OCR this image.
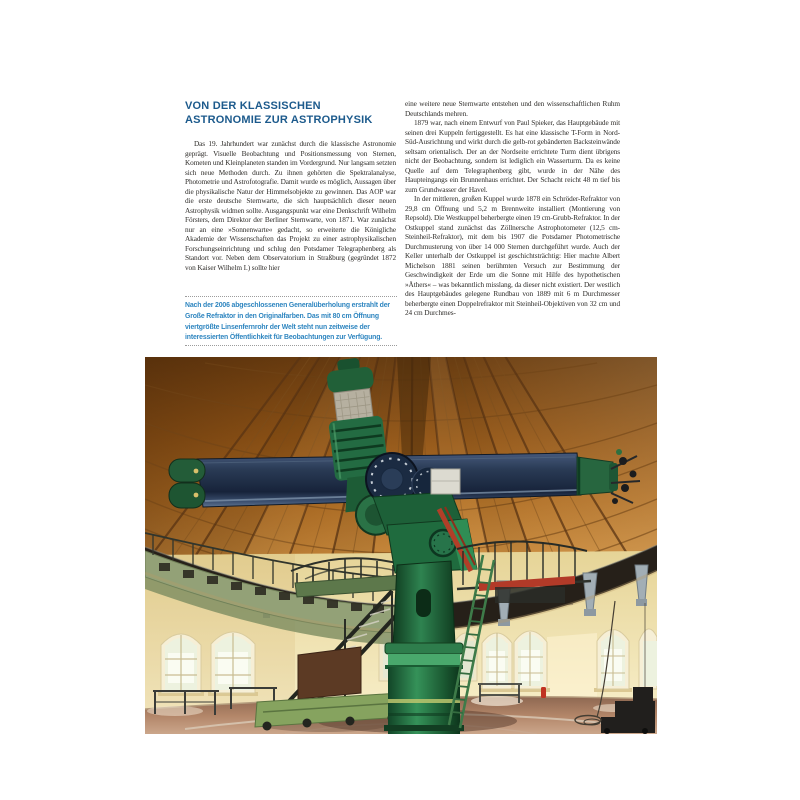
VON DER KLASSISCHEN
ASTRONOMIE ZUR ASTROPHYSIK

Das 19. Jahrhundert war zunächst durch die klassische Astronomie geprägt. Visuelle Beobachtung und Positionsmessung von Sternen, Kometen und Kleinplaneten standen im Vordergrund. Nur langsam setzten sich neue Methoden durch. Zu ihnen gehörten die Spektralanalyse, Photometrie und Astrofotografie. Damit wurde es möglich, Aussagen über die physikalische Natur der Himmelsobjekte zu gewinnen. Das AOP war die erste deutsche Sternwarte, die sich hauptsächlich dieser neuen Astrophysik widmen sollte. Ausgangspunkt war eine Denkschrift Wilhelm Försters, dem Direktor der Berliner Sternwarte, von 1871. War zunächst nur an eine »Sonnenwarte« gedacht, so erweiterte die Königliche Akademie der Wissenschaften das Projekt zu einer astrophysikalischen Forschungseinrichtung und schlug den Potsdamer Telegraphenberg als Standort vor. Neben dem Observatorium in Straßburg (gegründet 1872 von Kaiser Wilhelm I.) sollte hier

eine weitere neue Sternwarte entstehen und den wissenschaftlichen Ruhm Deutschlands mehren.

1879 war, nach einem Entwurf von Paul Spieker, das Hauptgebäude mit seinen drei Kuppeln fertiggestellt. Es hat eine klassische T-Form in Nord-Süd-Ausrichtung und wirkt durch die gelb-rot gebänderten Backsteinwände seltsam orientalisch. Der an der Nordseite errichtete Turm dient übrigens nicht der Beobachtung, sondern ist lediglich ein Wasserturm. Da es keine Quelle auf dem Telegraphenberg gibt, wurde in der Nähe des Haupteingangs ein Brunnenhaus errichtet. Der Schacht reicht 48 m tief bis zum Grundwasser der Havel.

In der mittleren, großen Kuppel wurde 1878 ein Schröder-Refraktor von 29,8 cm Öffnung und 5,2 m Brennweite installiert (Montierung von Repsold). Die Westkuppel beherbergte einen 19 cm-Grubb-Refraktor. In der Ostkuppel stand zunächst das Zöllnersche Astrophotometer (12,5 cm-Steinheil-Refraktor), mit dem bis 1907 die Potsdamer Photometrische Durchmusterung von über 14 000 Sternen durchgeführt wurde. Auch der Keller unterhalb der Ostkuppel ist geschichtsträchtig: Hier machte Albert Michelson 1881 seinen berühmten Versuch zur Bestimmung der Geschwindigkeit der Erde um die Sonne mit Hilfe des hypothetischen »Äthers« – was bekanntlich misslang, da dieser nicht existiert. Der westlich des Hauptgebäudes gelegene Rundbau von 1889 mit 6 m Durchmesser beherbergte einen Doppelrefraktor mit Steinheil-Objektiven von 32 cm und 24 cm Durchmes-

Nach der 2006 abgeschlossenen Generalüberholung erstrahlt der Große Refraktor in den Originalfarben. Das mit 80 cm Öffnung viertgrößte Linsenfernrohr der Welt steht nun zeitweise der interessierten Öffentlichkeit für Beobachtungen zur Verfügung.
